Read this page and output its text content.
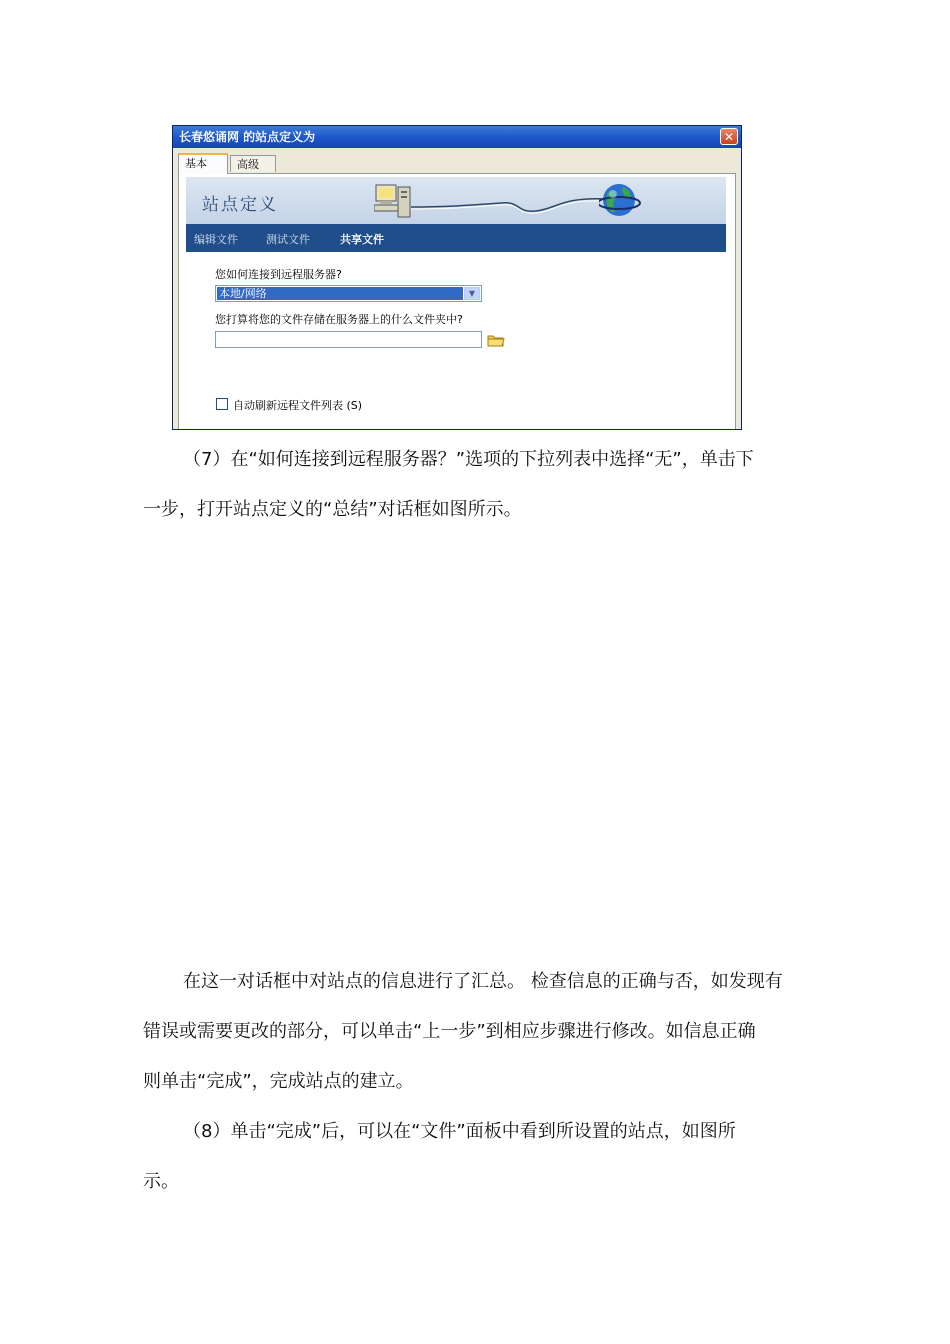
长春悠诵网 的站点定义为	✕
基本	高级
站点定义
编辑文件	测试文件	共享文件
您如何连接到远程服务器?
本地/网络	▼
您打算将您的文件存储在服务器上的什么文件夹中?
自动刷新远程文件列表 (S)
（7）在“如何连接到远程服务器？”选项的下拉列表中选择“无”，单击下
一步，打开站点定义的“总结”对话框如图所示。
在这一对话框中对站点的信息进行了汇总。 检查信息的正确与否，如发现有
错误或需要更改的部分，可以单击“上一步”到相应步骤进行修改。如信息正确
则单击“完成”，完成站点的建立。
（8）单击“完成”后，可以在“文件”面板中看到所设置的站点，如图所
示。
